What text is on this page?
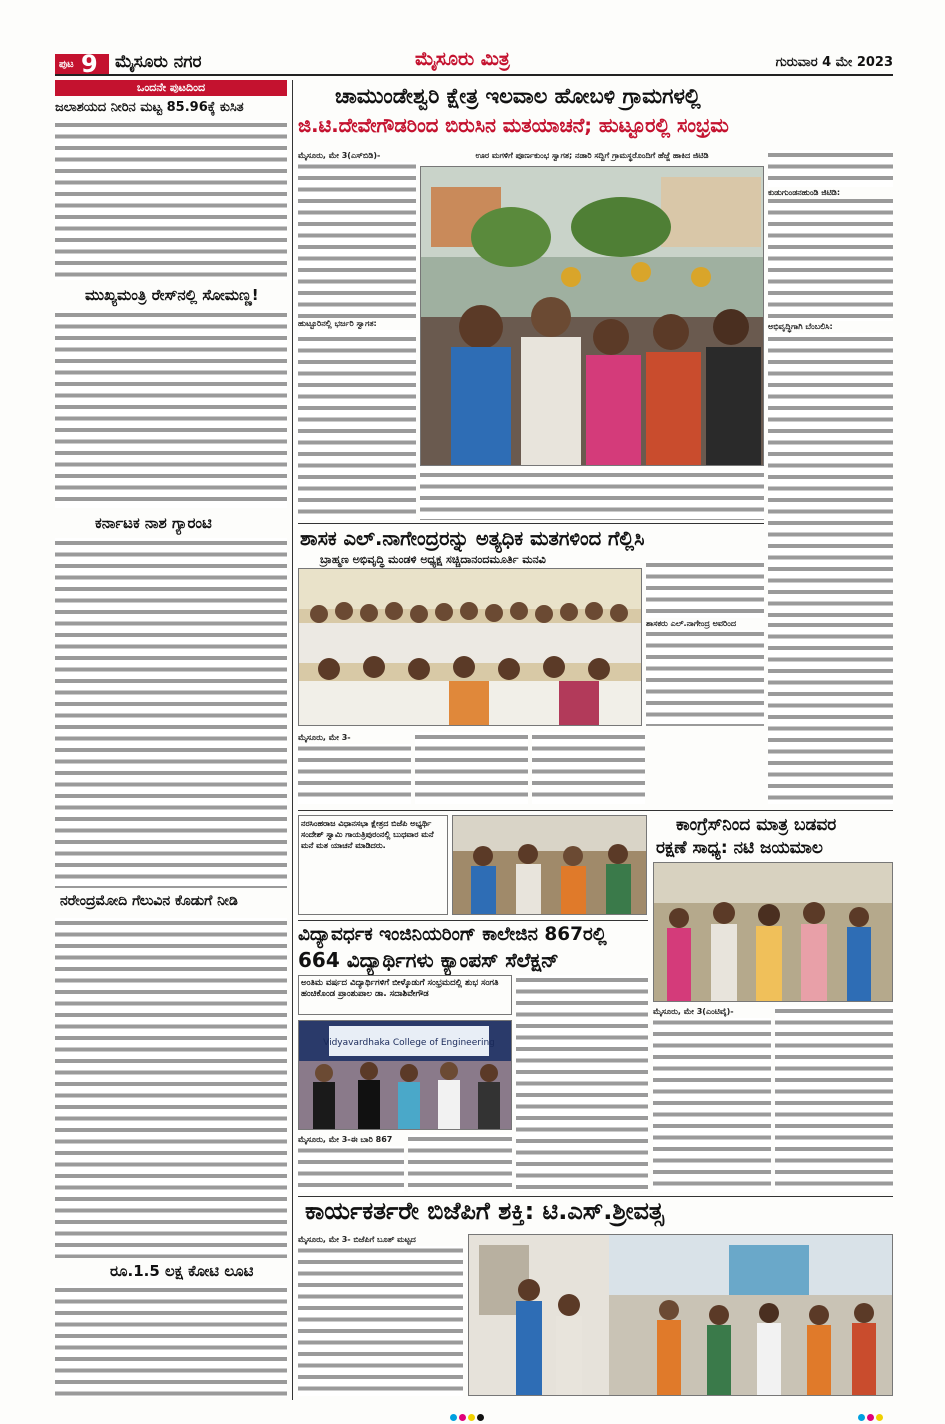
ಪುಟ 9 ಮೈಸೂರು ನಗರ	ಮೈಸೂರು ಮಿತ್ರ	ಗುರುವಾರ 4 ಮೇ 2023
ಒಂದನೇ ಪುಟದಿಂದ
ಜಲಾಶಯದ ನೀರಿನ ಮಟ್ಟ 85.96ಕ್ಕೆ ಕುಸಿತ
ಮುಖ್ಯಮಂತ್ರಿ ರೇಸ್‌ನಲ್ಲಿ ಸೋಮಣ್ಣ!
ಕರ್ನಾಟಕ ನಾಶ ಗ್ಯಾರಂಟಿ
ನರೇಂದ್ರಮೋದಿ ಗೆಲುವಿನ ಕೊಡುಗೆ ನೀಡಿ
ರೂ.1.5 ಲಕ್ಷ ಕೋಟಿ ಲೂಟಿ
ಚಾಮುಂಡೇಶ್ವರಿ ಕ್ಷೇತ್ರ ಇಲವಾಲ ಹೋಬಳಿ ಗ್ರಾಮಗಳಲ್ಲಿ
ಜಿ.ಟಿ.ದೇವೇಗೌಡರಿಂದ ಬಿರುಸಿನ ಮತಯಾಚನೆ; ಹುಟ್ಟೂರಲ್ಲಿ ಸಂಭ್ರಮ
ಮೈಸೂರು, ಮೇ 3(ಎಸ್‌ಬಿಡಿ)-
ಹುಟ್ಟೂರಿನಲ್ಲಿ ಭರ್ಜರಿ ಸ್ವಾಗತ:
ಊರ ಮಗಳಿಗೆ ಪೂರ್ಣಕುಂಭ ಸ್ವಾಗತ; ನಡಾರಿ ಸದ್ದಿಗೆ ಗ್ರಾಮಸ್ಥರೊಂದಿಗೆ ಹೆಜ್ಜೆ ಹಾಕಿದ ಜಿಟಿಡಿ
ಕುಡುಗುಂಡನಹುಂಡಿ ಜಿಟಿಡಿ:
ಅಭಿವೃದ್ಧಿಗಾಗಿ ಬೆಂಬಲಿಸಿ:
ಶಾಸಕ ಎಲ್.ನಾಗೇಂದ್ರರನ್ನು ಅತ್ಯಧಿಕ ಮತಗಳಿಂದ ಗೆಲ್ಲಿಸಿ
ಬ್ರಾಹ್ಮಣ ಅಭಿವೃದ್ಧಿ ಮಂಡಳಿ ಅಧ್ಯಕ್ಷ ಸಚ್ಚಿದಾನಂದಮೂರ್ತಿ ಮನವಿ
ಶಾಸಕರು ಎಲ್.ನಾಗೇಂದ್ರ ಅವರಿಂದ
ಮೈಸೂರು, ಮೇ 3-
ನರಸಿಂಹರಾಜ ವಿಧಾನಸಭಾ ಕ್ಷೇತ್ರದ ಬಿಜೆಪಿ ಅಭ್ಯರ್ಥಿ ಸಂದೇಶ್ ಸ್ವಾಮಿ ಗಾಯತ್ರಿಪುರಂನಲ್ಲಿ ಬುಧವಾರ ಮನೆ ಮನೆ ಮತ ಯಾಚನೆ ಮಾಡಿದರು.
ಕಾಂಗ್ರೆಸ್‌ನಿಂದ ಮಾತ್ರ ಬಡವರ
ರಕ್ಷಣೆ ಸಾಧ್ಯ: ನಟಿ ಜಯಮಾಲ
ಮೈಸೂರು, ಮೇ 3(ಎಂಟಿವೈ)-
ವಿದ್ಯಾವರ್ಧಕ ಇಂಜಿನಿಯರಿಂಗ್ ಕಾಲೇಜಿನ 867ರಲ್ಲಿ
664 ವಿದ್ಯಾರ್ಥಿಗಳು ಕ್ಯಾಂಪಸ್ ಸೆಲೆಕ್ಷನ್
ಅಂತಿಮ ವರ್ಷದ ವಿದ್ಯಾರ್ಥಿಗಳಿಗೆ ಬೀಳ್ಕೊಡುಗೆ ಸಂಭ್ರಮದಲ್ಲಿ ಶುಭ ಸಂಗತಿ ಹಂಚಿಕೊಂಡ ಪ್ರಾಂಶುಪಾಲ ಡಾ. ಸದಾಶಿವೇಗೌಡ
Vidyavardhaka College of Engineering
ಮೈಸೂರು, ಮೇ 3-ಈ ಬಾರಿ 867
ಕಾರ್ಯಕರ್ತರೇ ಬಿಜೆಪಿಗೆ ಶಕ್ತಿ: ಟಿ.ಎಸ್.ಶ್ರೀವತ್ಸ
ಮೈಸೂರು, ಮೇ 3- ಬಿಜೆಪಿಗೆ ಬೂತ್ ಮಟ್ಟದ
